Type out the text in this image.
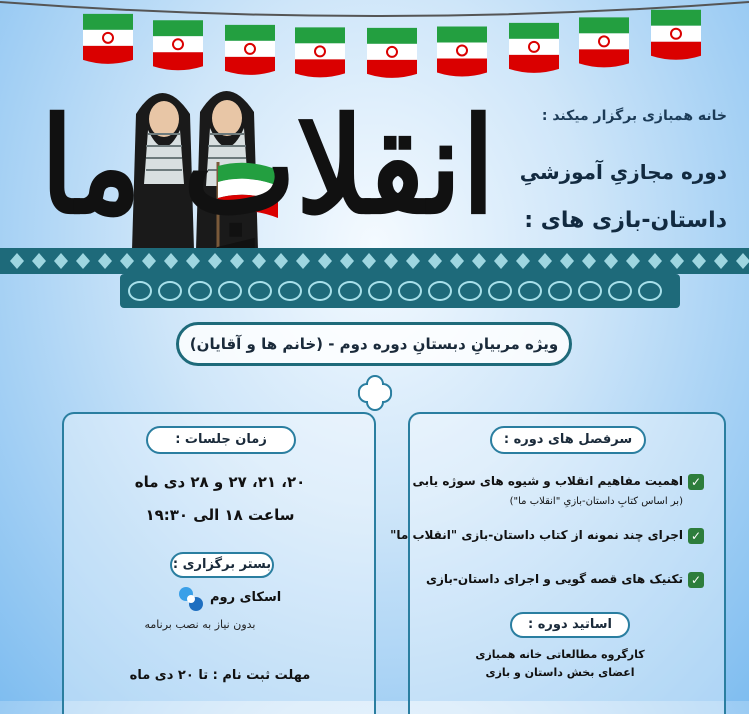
انقلابِ ما	خانه همبازی برگزار میکند :
دوره مجازیِ آموزشیِ
داستان-بازی های :
ویژه مربیانِ دبستانِ دوره دوم - (خانم ها و آقایان)
زمان جلسات :
۲۰، ۲۱، ۲۷ و ۲۸ دی ماه
ساعت ۱۸ الی ۱۹:۳۰
بستر برگزاری :
اسکای روم
بدون نیاز به نصب برنامه
مهلت ثبت نام : تا ۲۰ دی ماه
سرفصل های دوره :
✓
اهمیت مفاهیم انقلاب و شیوه های سوژه یابی
(بر اساس کتابِ داستان-بازیِ "انقلاب ما")
✓
اجرای چند نمونه از کتاب داستان-بازی "انقلاب ما"
✓
تکنیک های قصه گویی و اجرای داستان-بازی
اساتید دوره :
کارگروه مطالعاتی خانه همبازی
اعضای بخش داستان و بازی
